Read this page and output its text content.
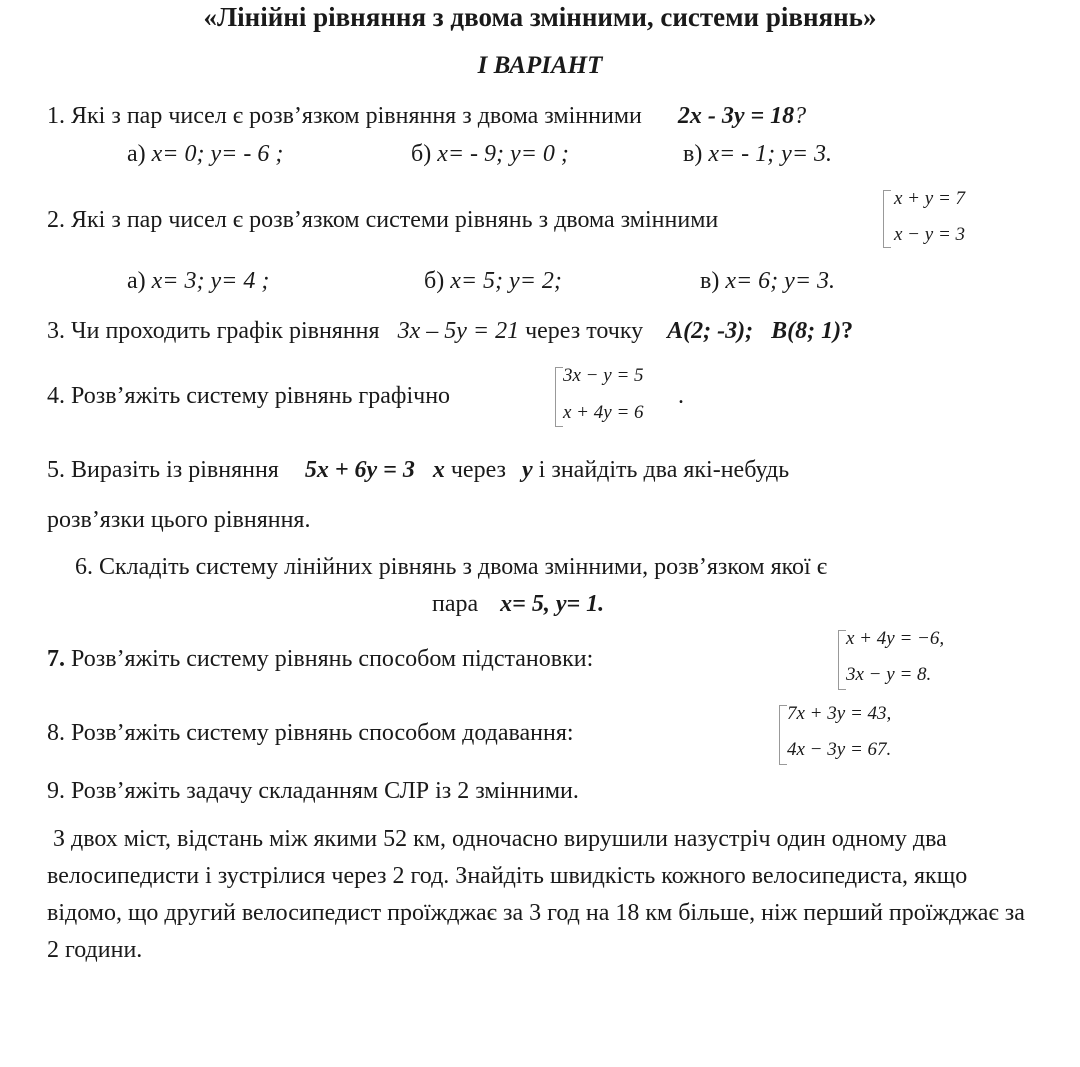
«Лінійні рівняння з двома змінними, системи рівнянь»
І ВАРІАНТ
1. Які з пар чисел є розв’язком рівняння з двома змінними 2x - 3y = 18?
а) x= 0; y= - 6 ;	б) x= - 9; y= 0 ;	в) x= - 1; y= 3.
2. Які з пар чисел є розв’язком системи рівнянь з двома змінними
x + y = 7
x − y = 3
а) x= 3; y= 4 ;	б) x= 5; y= 2;	в) x= 6; y= 3.
3. Чи проходить графік рівняння 3x – 5y = 21 через точку A(2; -3); B(8; 1)?
4. Розв’яжіть систему рівнянь графічно
3x − y = 5
x + 4y = 6
.
5. Виразіть із рівняння 5x + 6y = 3 x через y і знайдіть два які-небудь
розв’язки цього рівняння.
6. Складіть систему лінійних рівнянь з двома змінними, розв’язком якої є
пара x= 5, y= 1.
7. Розв’яжіть систему рівнянь способом підстановки:
x + 4y = −6,
3x − y = 8.
8. Розв’яжіть систему рівнянь способом додавання:
7x + 3y = 43,
4x − 3y = 67.
9. Розв’яжіть задачу складанням СЛР із 2 змінними.
З двох міст, відстань між якими 52 км, одночасно вирушили назустріч один одному два велосипедисти і зустрілися через 2 год. Знайдіть швидкість кожного велосипедиста, якщо відомо, що другий велосипедист проїжджає за 3 год на 18 км більше, ніж перший проїжджає за 2 години.
